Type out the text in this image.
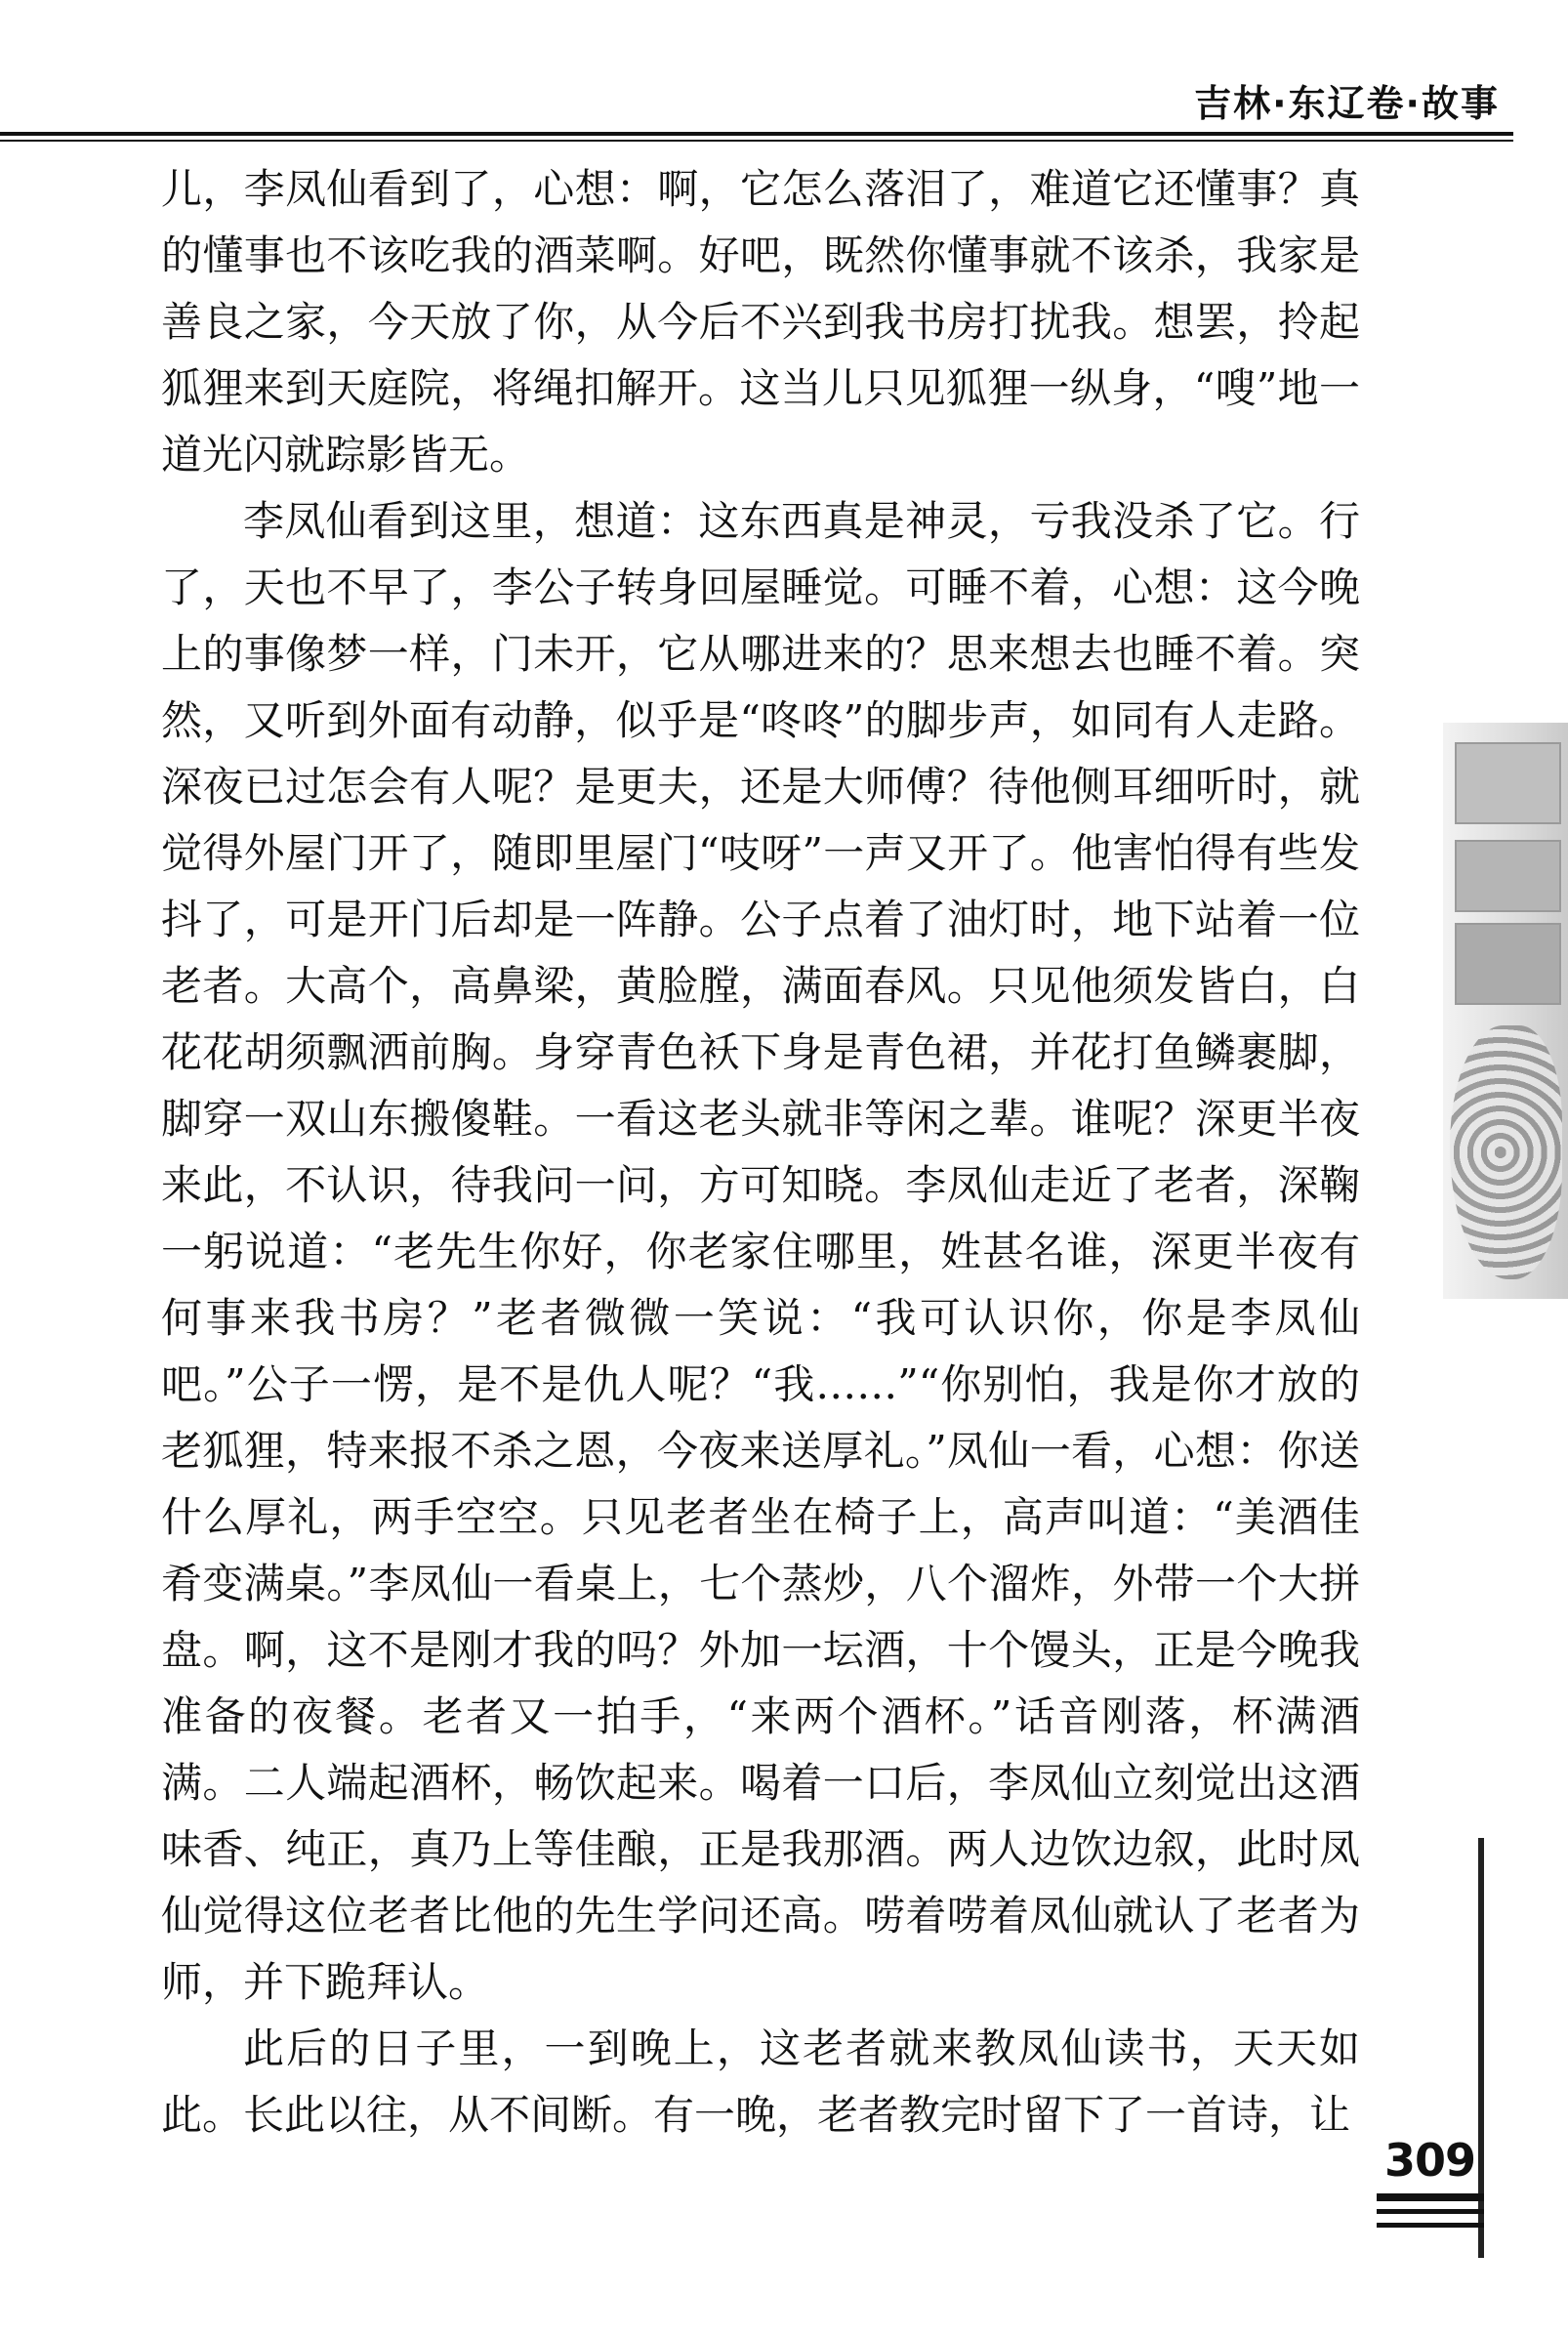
吉林·东辽卷·故事

儿，李凤仙看到了，心想：啊，它怎么落泪了，难道它还懂事？真的懂事也不该吃我的酒菜啊。好吧，既然你懂事就不该杀，我家是善良之家，今天放了你，从今后不兴到我书房打扰我。想罢，拎起狐狸来到天庭院，将绳扣解开。这当儿只见狐狸一纵身，“嗖”地一道光闪就踪影皆无。

李凤仙看到这里，想道：这东西真是神灵，亏我没杀了它。行了，天也不早了，李公子转身回屋睡觉。可睡不着，心想：这今晚上的事像梦一样，门未开，它从哪进来的？思来想去也睡不着。突然，又听到外面有动静，似乎是“咚咚”的脚步声，如同有人走路。深夜已过怎会有人呢？是更夫，还是大师傅？待他侧耳细听时，就觉得外屋门开了，随即里屋门“吱呀”一声又开了。他害怕得有些发抖了，可是开门后却是一阵静。公子点着了油灯时，地下站着一位老者。大高个，高鼻梁，黄脸膛，满面春风。只见他须发皆白，白花花胡须飘洒前胸。身穿青色袄下身是青色裙，并花打鱼鳞裹脚，脚穿一双山东搬傻鞋。一看这老头就非等闲之辈。谁呢？深更半夜来此，不认识，待我问一问，方可知晓。李凤仙走近了老者，深鞠一躬说道：“老先生你好，你老家住哪里，姓甚名谁，深更半夜有何事来我书房？”老者微微一笑说：“我可认识你，你是李凤仙吧。”公子一愣，是不是仇人呢？“我……”“你别怕，我是你才放的老狐狸，特来报不杀之恩，今夜来送厚礼。”凤仙一看，心想：你送什么厚礼，两手空空。只见老者坐在椅子上，高声叫道：“美酒佳肴变满桌。”李凤仙一看桌上，七个蒸炒，八个溜炸，外带一个大拼盘。啊，这不是刚才我的吗？外加一坛酒，十个馒头，正是今晚我准备的夜餐。老者又一拍手，“来两个酒杯。”话音刚落，杯满酒满。二人端起酒杯，畅饮起来。喝着一口后，李凤仙立刻觉出这酒味香、纯正，真乃上等佳酿，正是我那酒。两人边饮边叙，此时凤仙觉得这位老者比他的先生学问还高。唠着唠着凤仙就认了老者为师，并下跪拜认。

此后的日子里，一到晚上，这老者就来教凤仙读书，天天如此。长此以往，从不间断。有一晚，老者教完时留下了一首诗，让

309
